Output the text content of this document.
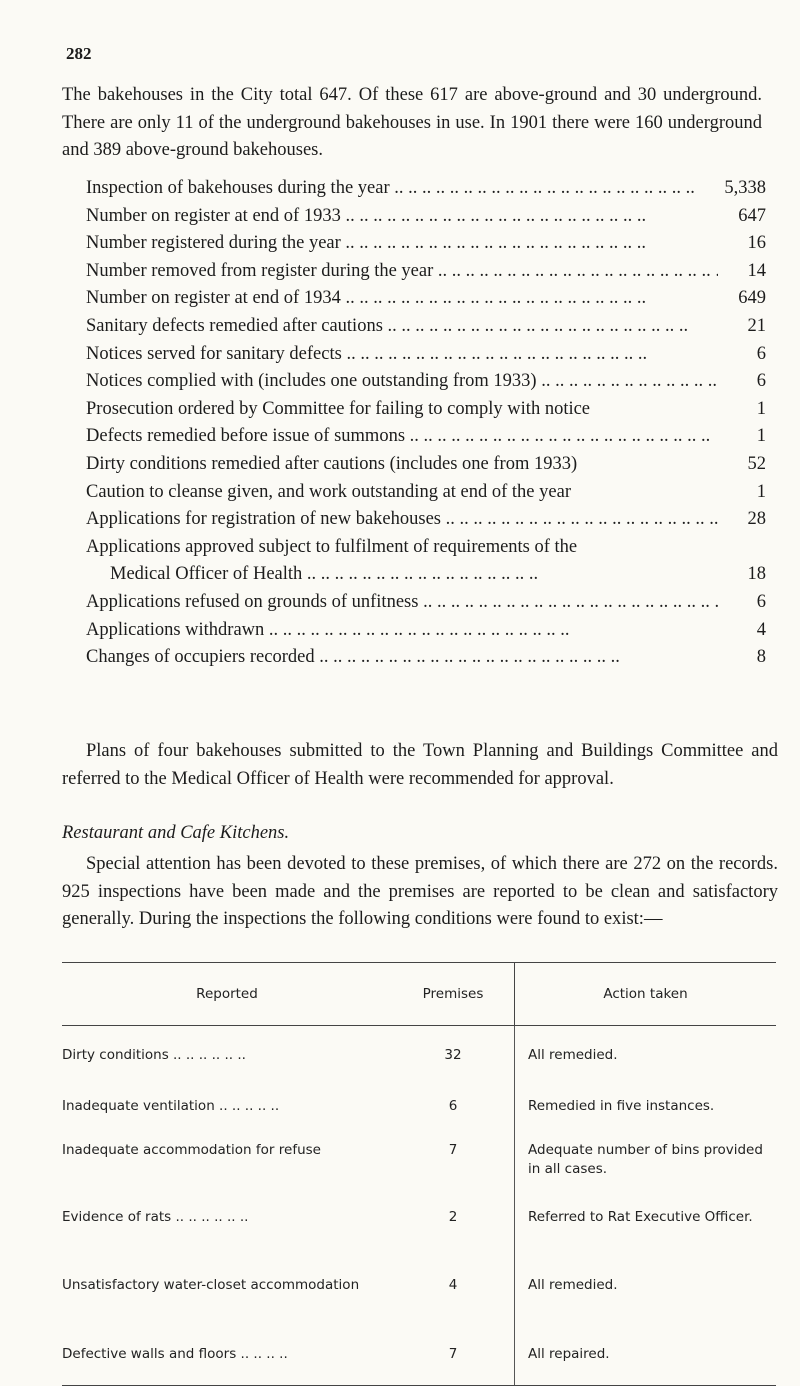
282

The bakehouses in the City total 647. Of these 617 are above-ground and 30 underground. There are only 11 of the underground bakehouses in use. In 1901 there were 160 underground and 389 above-ground bakehouses.

Inspection of bakehouses during the year .. ..	5,338
Number on register at end of 1933 .. ..	647
Number registered during the year .. ..	16
Number removed from register during the year .. ..	14
Number on register at end of 1934 .. ..	649
Sanitary defects remedied after cautions .. ..	21
Notices served for sanitary defects .. ..	6
Notices complied with (includes one outstanding from 1933) .. ..	6
Prosecution ordered by Committee for failing to comply with notice	1
Defects remedied before issue of summons .. ..	1
Dirty conditions remedied after cautions (includes one from 1933)	52
Caution to cleanse given, and work outstanding at end of the year	1
Applications for registration of new bakehouses .. ..	28
Applications approved subject to fulfilment of requirements of the
Medical Officer of Health .. ..	18
Applications refused on grounds of unfitness .. ..	6
Applications withdrawn .. ..	4
Changes of occupiers recorded .. ..	8

Plans of four bakehouses submitted to the Town Planning and Buildings Committee and referred to the Medical Officer of Health were recommended for approval.

Restaurant and Cafe Kitchens.

Special attention has been devoted to these premises, of which there are 272 on the records. 925 inspections have been made and the premises are reported to be clean and satisfactory generally. During the inspections the following conditions were found to exist:—

Reported	Premises	Action taken
Dirty conditions .. .. .. .. .. ..	32	All remedied.
Inadequate ventilation .. .. .. .. ..	6	Remedied in five instances.
Inadequate accommodation for refuse	7	Adequate number of bins provided in all cases.
Evidence of rats .. .. .. .. .. ..	2	Referred to Rat Executive Officer.
Unsatisfactory water-closet accommodation	4	All remedied.
Defective walls and floors .. .. .. ..	7	All repaired.
